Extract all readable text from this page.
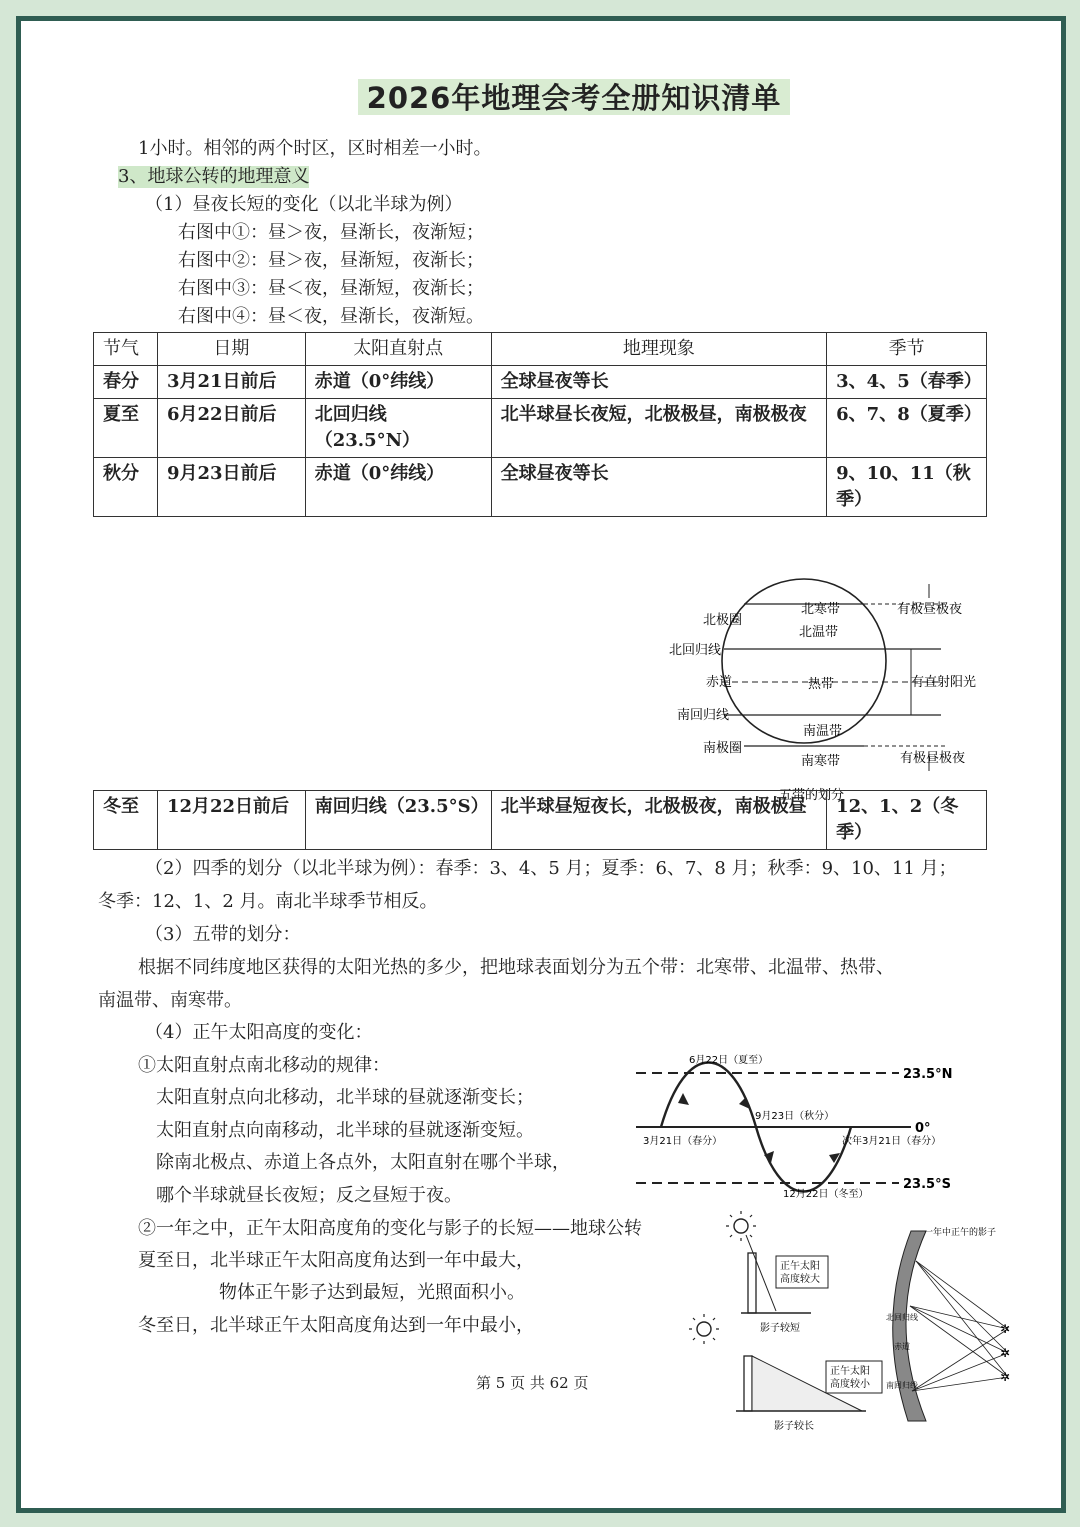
2026年地理会考全册知识清单
1小时。相邻的两个时区，区时相差一小时。
3、地球公转的地理意义
（1）昼夜长短的变化（以北半球为例）
右图中①：昼＞夜，昼渐长，夜渐短；
右图中②：昼＞夜，昼渐短，夜渐长；
右图中③：昼＜夜，昼渐短，夜渐长；
右图中④：昼＜夜，昼渐长，夜渐短。
节气	日期	太阳直射点	地理现象	季节
春分	3月21日前后	赤道（0°纬线）	全球昼夜等长	3、4、5（春季）
夏至	6月22日前后	北回归线（23.5°N）	北半球昼长夜短，北极极昼，南极极夜	6、7、8（夏季）
秋分	9月23日前后	赤道（0°纬线）	全球昼夜等长	9、10、11（秋季）
北极圈
北回归线
赤道
南回归线
南极圈
北寒带
北温带
热带
南温带
南寒带
有极昼极夜
有直射阳光
有极昼极夜
五带的划分
冬至	12月22日前后	南回归线（23.5°S）	北半球昼短夜长，北极极夜，南极极昼	12、1、2（冬季）
（2）四季的划分（以北半球为例）：春季：3、4、5 月；夏季：6、7、8 月；秋季：9、10、11 月；
冬季：12、1、2 月。南北半球季节相反。
（3）五带的划分：
根据不同纬度地区获得的太阳光热的多少，把地球表面划分为五个带：北寒带、北温带、热带、
南温带、南寒带。
（4）正午太阳高度的变化：
①太阳直射点南北移动的规律：
太阳直射点向北移动，北半球的昼就逐渐变长；
太阳直射点向南移动，北半球的昼就逐渐变短。
除南北极点、赤道上各点外，太阳直射在哪个半球，
哪个半球就昼长夜短；反之昼短于夜。
23.5°N
0°
23.5°S
6月22日（夏至）
9月23日（秋分）
3月21日（春分）	次年3月21日（春分）
12月22日（冬至）
②一年之中，正午太阳高度角的变化与影子的长短——地球公转
夏至日，北半球正午太阳高度角达到一年中最大，
物体正午影子达到最短，光照面积小。
冬至日，北半球正午太阳高度角达到一年中最小，
正午太阳
高度较大
影子较短
正午太阳
高度较小
影子较长
一年中正午的影子
北回归线
赤道
南回归线
✲
✲
✲
第 5 页 共 62 页
